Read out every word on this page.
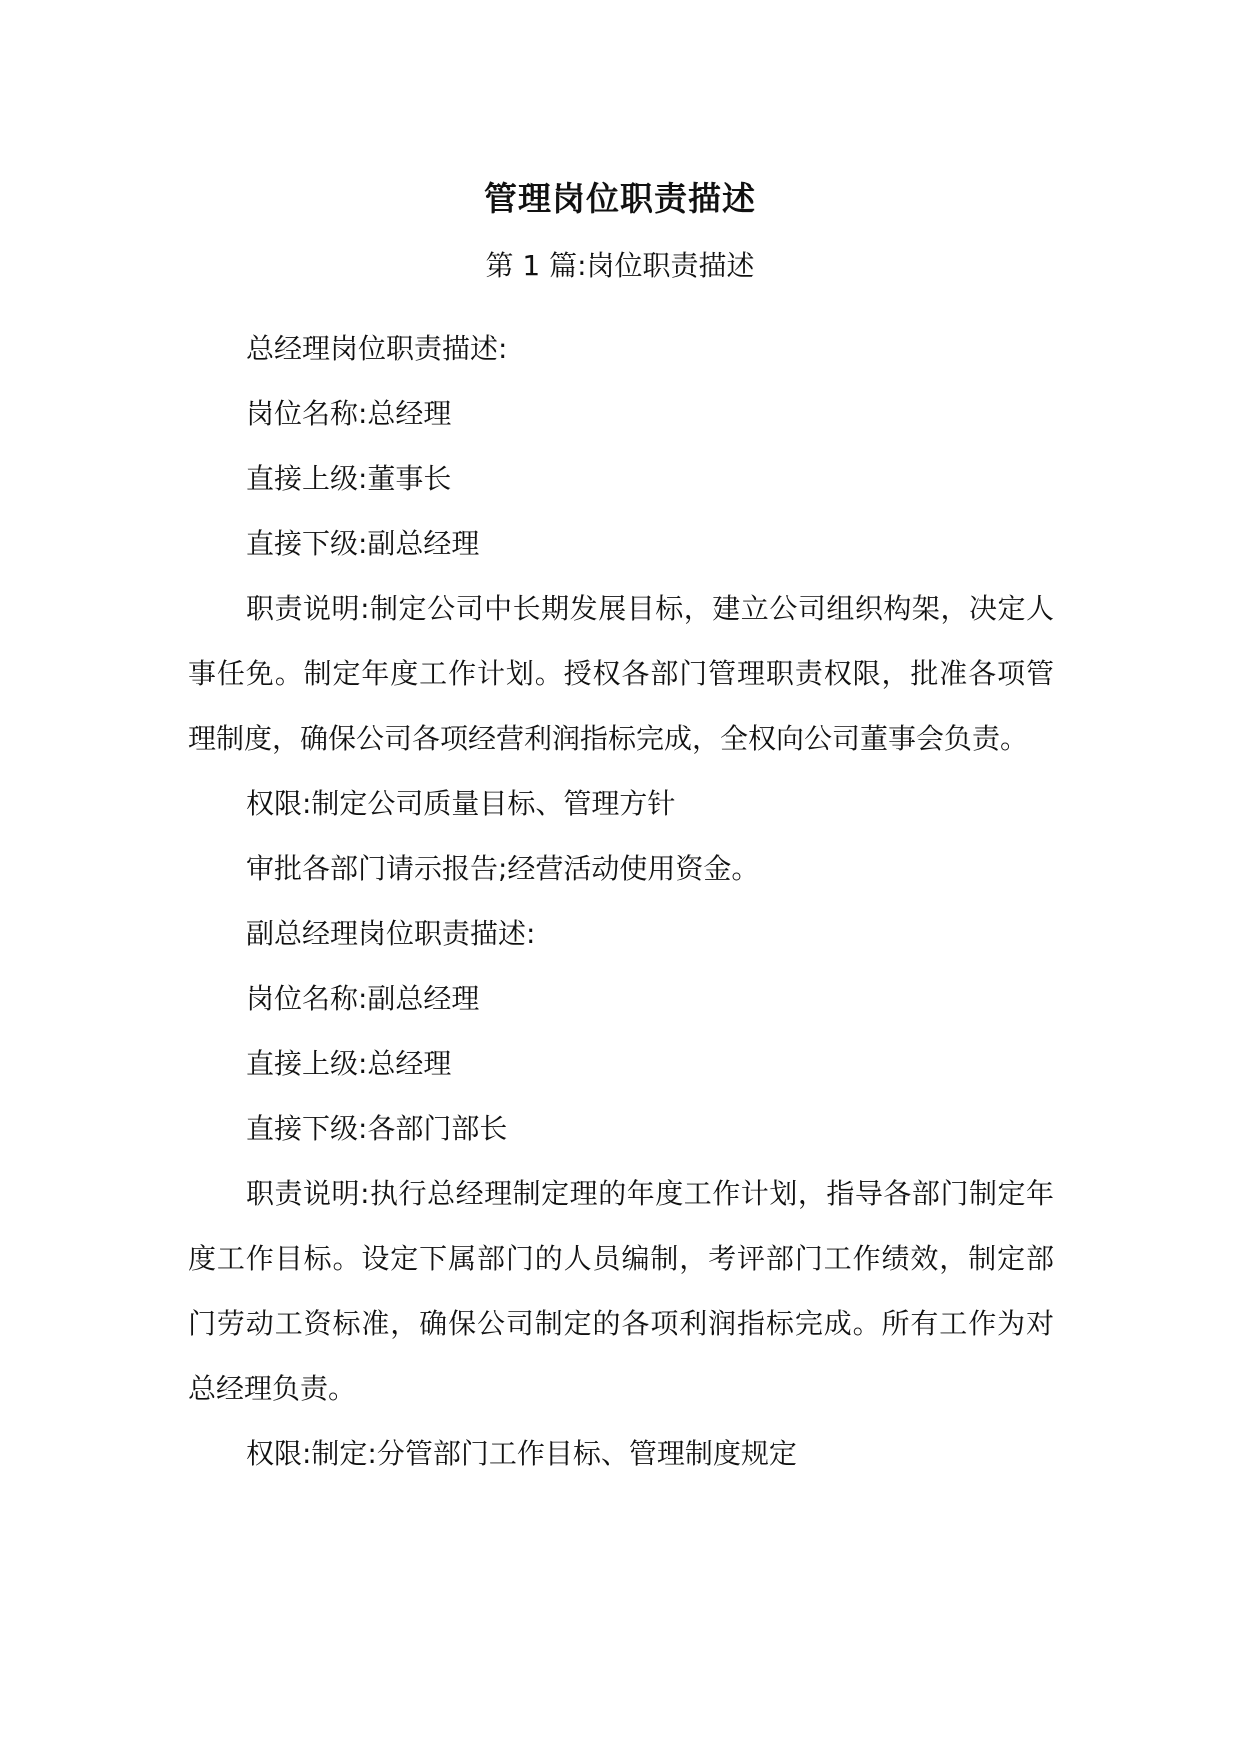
管理岗位职责描述
第 1 篇:岗位职责描述

总经理岗位职责描述:

岗位名称:总经理

直接上级:董事长

直接下级:副总经理

职责说明:制定公司中长期发展目标，建立公司组织构架，决定人事任免。制定年度工作计划。授权各部门管理职责权限，批准各项管理制度，确保公司各项经营利润指标完成，全权向公司董事会负责。

权限:制定公司质量目标、管理方针

审批各部门请示报告;经营活动使用资金。

副总经理岗位职责描述:

岗位名称:副总经理

直接上级:总经理

直接下级:各部门部长

职责说明:执行总经理制定理的年度工作计划，指导各部门制定年度工作目标。设定下属部门的人员编制，考评部门工作绩效，制定部门劳动工资标准，确保公司制定的各项利润指标完成。所有工作为对总经理负责。

权限:制定:分管部门工作目标、管理制度规定
